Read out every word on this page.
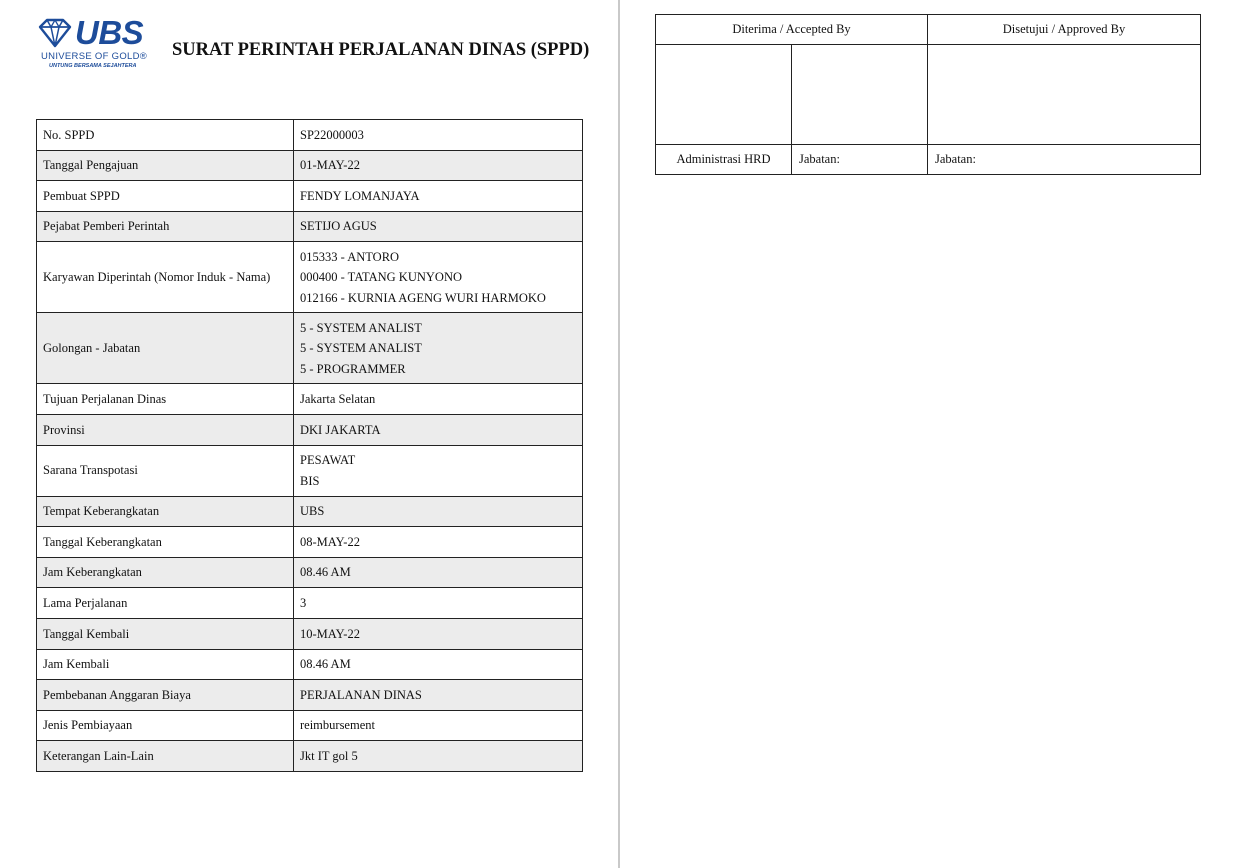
UBS
UNIVERSE OF GOLD®
UNTUNG BERSAMA SEJAHTERA
SURAT PERINTAH PERJALANAN DINAS (SPPD)
No. SPPD	SP22000003

Tanggal Pengajuan	01-MAY-22

Pembuat SPPD	FENDY LOMANJAYA

Pejabat Pemberi Perintah	SETIJO AGUS

Karyawan Diperintah (Nomor Induk - Nama)	015333 - ANTORO
000400 - TATANG KUNYONO
012166 - KURNIA AGENG WURI HARMOKO

Golongan - Jabatan	5 - SYSTEM ANALIST
5 - SYSTEM ANALIST
5 - PROGRAMMER

Tujuan Perjalanan Dinas	Jakarta Selatan

Provinsi	DKI JAKARTA

Sarana Transpotasi	PESAWAT
BIS

Tempat Keberangkatan	UBS

Tanggal Keberangkatan	08-MAY-22

Jam Keberangkatan	08.46 AM

Lama Perjalanan	3

Tanggal Kembali	10-MAY-22

Jam Kembali	08.46 AM

Pembebanan Anggaran Biaya	PERJALANAN DINAS

Jenis Pembiayaan	reimbursement

Keterangan Lain-Lain	Jkt IT gol 5
Diterima / Accepted By		Disetujui / Approved By

Administrasi HRD	Jabatan:	Jabatan:
